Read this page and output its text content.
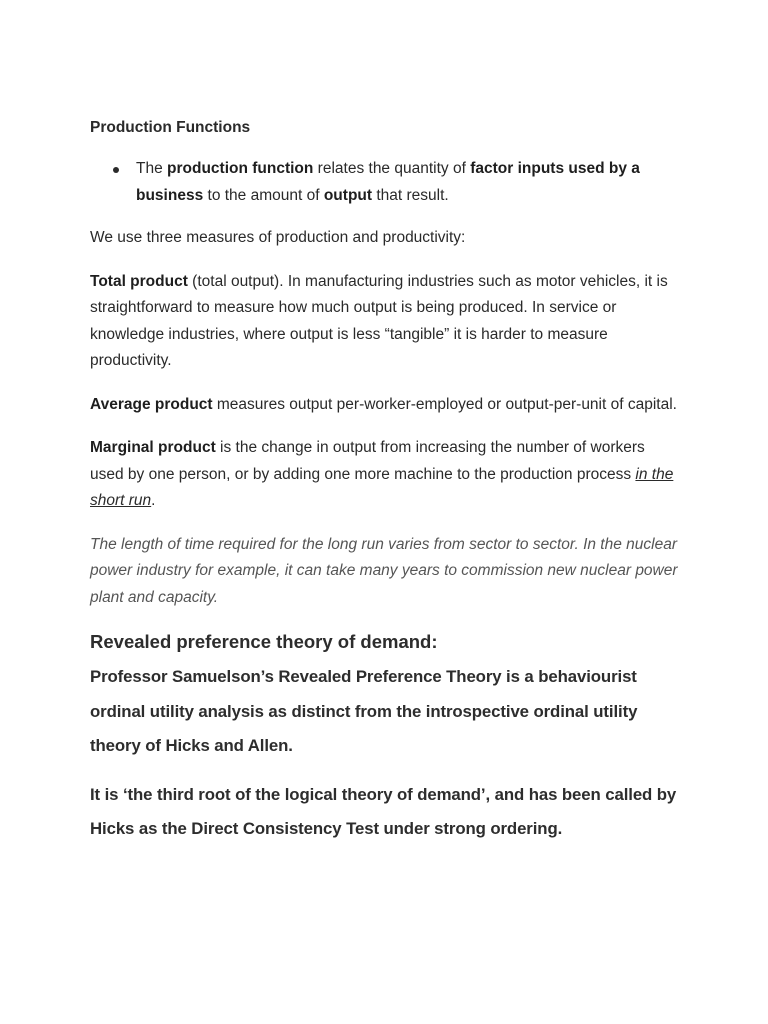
Production Functions
The production function relates the quantity of factor inputs used by a business to the amount of output that result.

We use three measures of production and productivity:

Total product (total output). In manufacturing industries such as motor vehicles, it is straightforward to measure how much output is being produced. In service or knowledge industries, where output is less “tangible” it is harder to measure productivity.

Average product measures output per-worker-employed or output-per-unit of capital.

Marginal product is the change in output from increasing the number of workers used by one person, or by adding one more machine to the production process in the short run.

The length of time required for the long run varies from sector to sector. In the nuclear power industry for example, it can take many years to commission new nuclear power plant and capacity.

Revealed preference theory of demand:

Professor Samuelson’s Revealed Preference Theory is a behaviourist ordinal utility analysis as distinct from the introspective ordinal utility theory of Hicks and Allen.

It is ‘the third root of the logical theory of demand’, and has been called by Hicks as the Direct Consistency Test under strong ordering.
